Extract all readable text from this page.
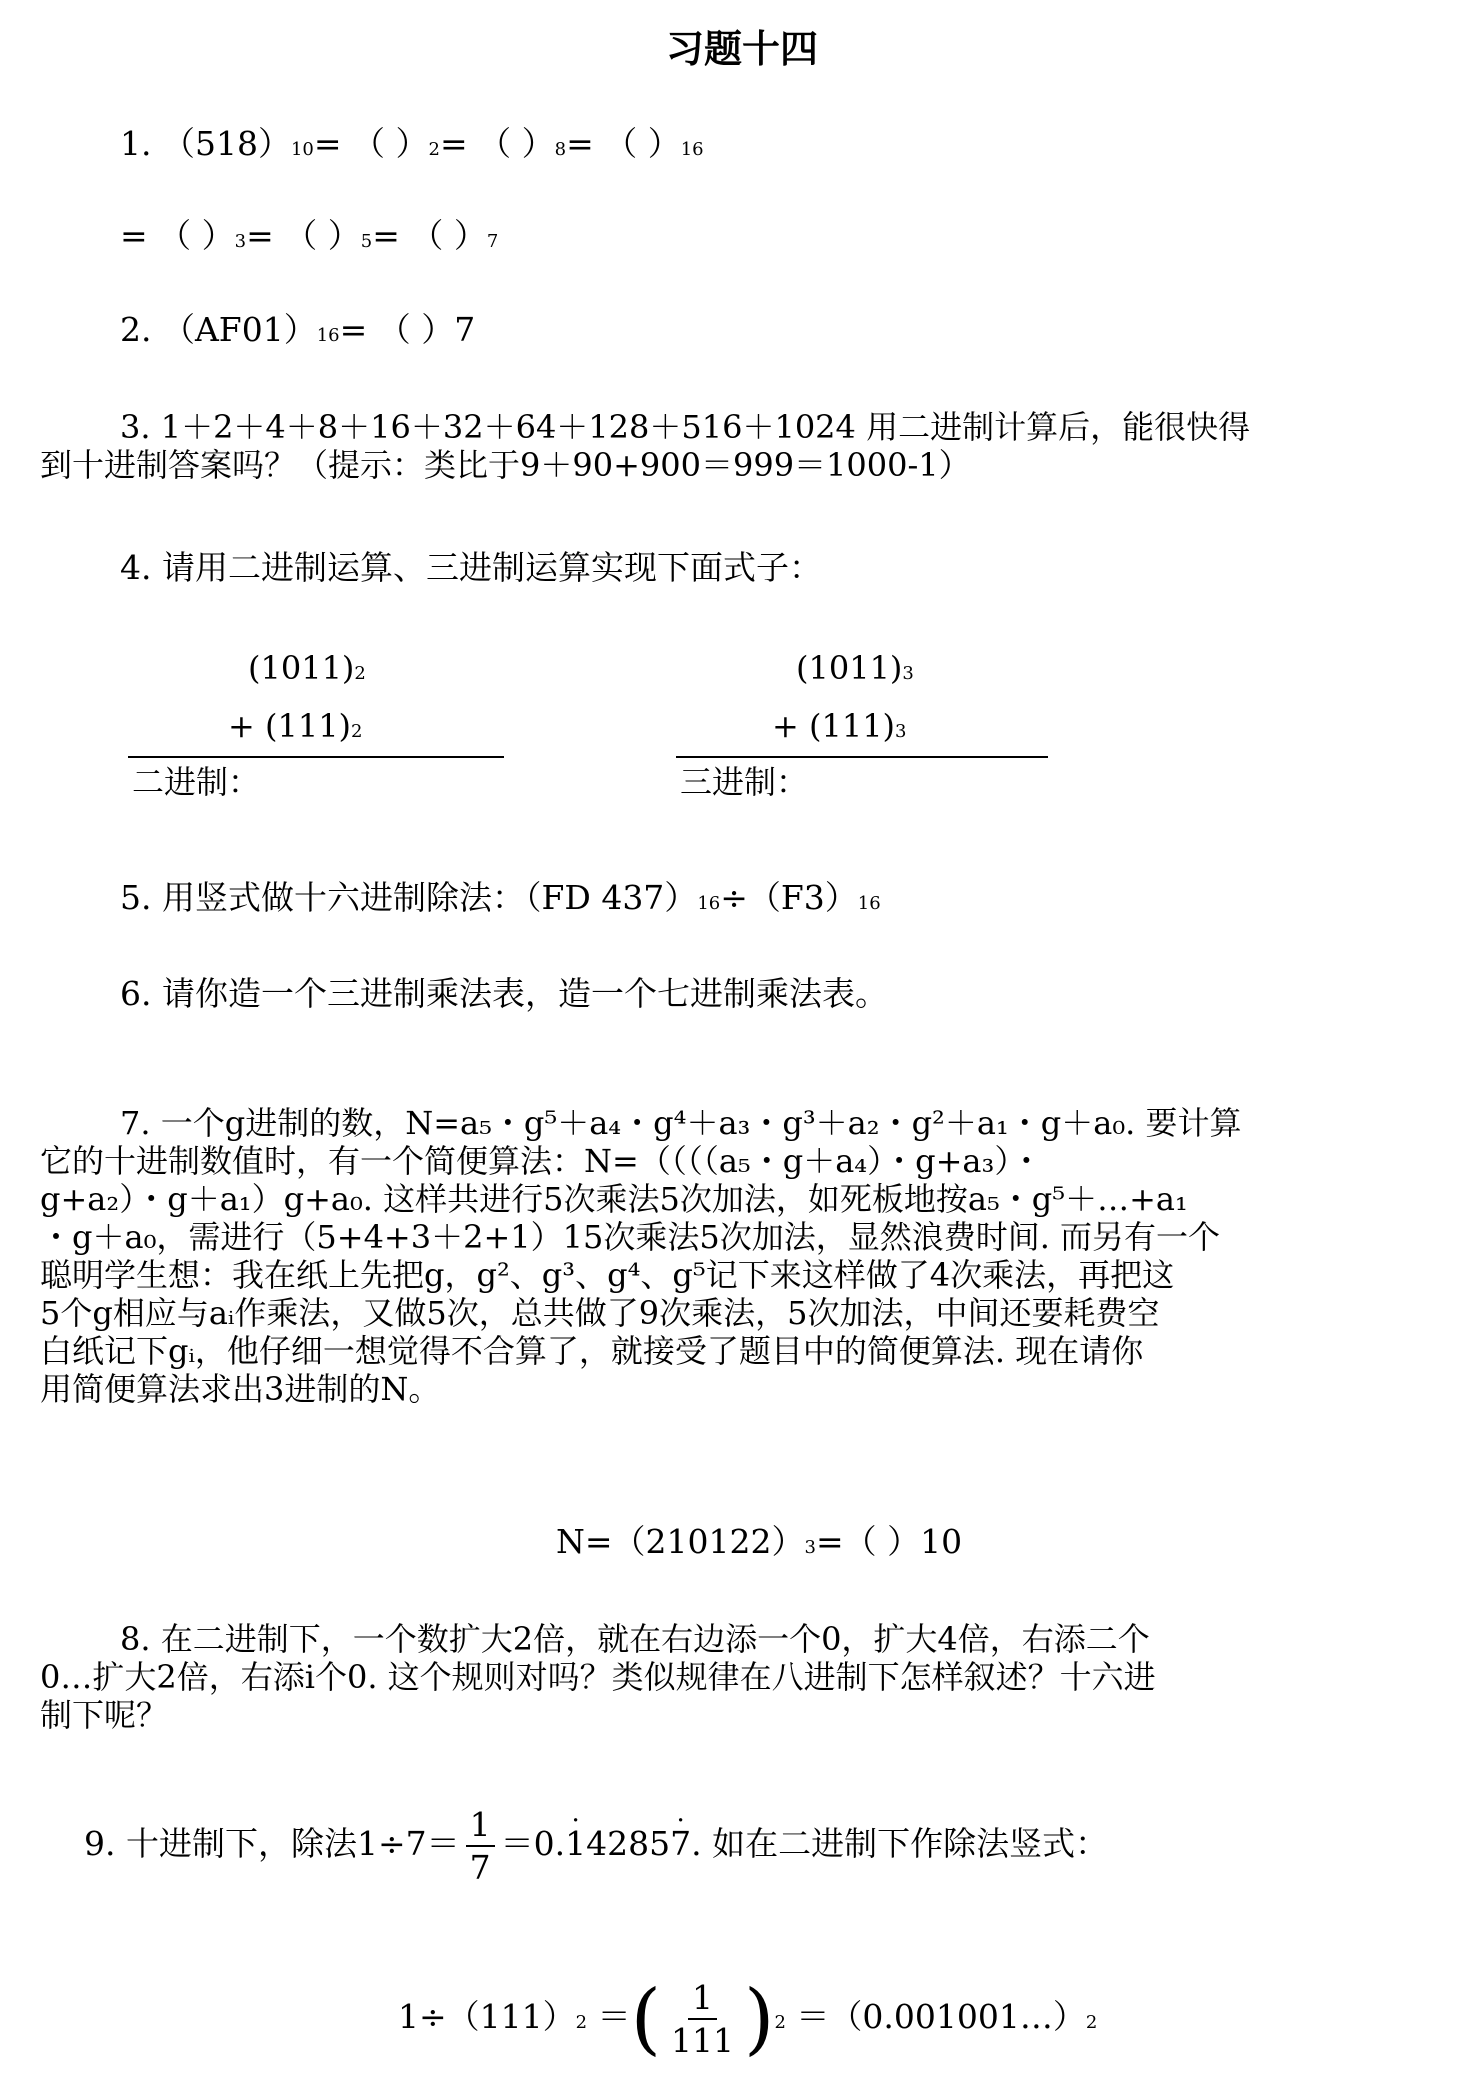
习题十四
1. （518）10= （ ）2= （ ）8= （ ）16
= （ ）3= （ ）5= （ ）7
2. （AF01）16= （ ）7
3. 1＋2＋4＋8＋16＋32＋64＋128＋516＋1024 用二进制计算后，能很快得
到十进制答案吗？（提示：类比于9＋90+900＝999＝1000-1）
4. 请用二进制运算、三进制运算实现下面式子：
(1011)2
+ (111)2
二进制：
(1011)3
+ (111)3
三进制：
5. 用竖式做十六进制除法：（FD 437）16÷（F3）16
6. 请你造一个三进制乘法表，造一个七进制乘法表。
7. 一个g进制的数，N=a₅・g⁵＋a₄・g⁴＋a₃・g³＋a₂・g²＋a₁・g＋a₀. 要计算
它的十进制数值时，有一个简便算法：N=（（（（a₅・g＋a₄）・g+a₃）・
g+a₂）・g＋a₁）g+a₀. 这样共进行5次乘法5次加法，如死板地按a₅・g⁵＋…+a₁
・g＋a₀，需进行（5+4+3＋2+1）15次乘法5次加法，显然浪费时间. 而另有一个
聪明学生想：我在纸上先把g，g²、g³、g⁴、g⁵记下来这样做了4次乘法，再把这
5个g相应与aᵢ作乘法，又做5次，总共做了9次乘法，5次加法，中间还要耗费空
白纸记下gᵢ，他仔细一想觉得不合算了，就接受了题目中的简便算法. 现在请你
用简便算法求出3进制的N。
N=（210122）3=（ ）10
8. 在二进制下，一个数扩大2倍，就在右边添一个0，扩大4倍，右添二个
0…扩大2倍，右添i个0. 这个规则对吗？类似规律在八进制下怎样叙述？十六进
制下呢？
9. 十进制下，除法$1\div 7= \frac{1}{7} =0.1$ ˙42857 ˙. 如在二进制下作除法竖式：
1÷（111）2 ＝( $\frac{1}{111} )2$ ＝（0.001001…）2
